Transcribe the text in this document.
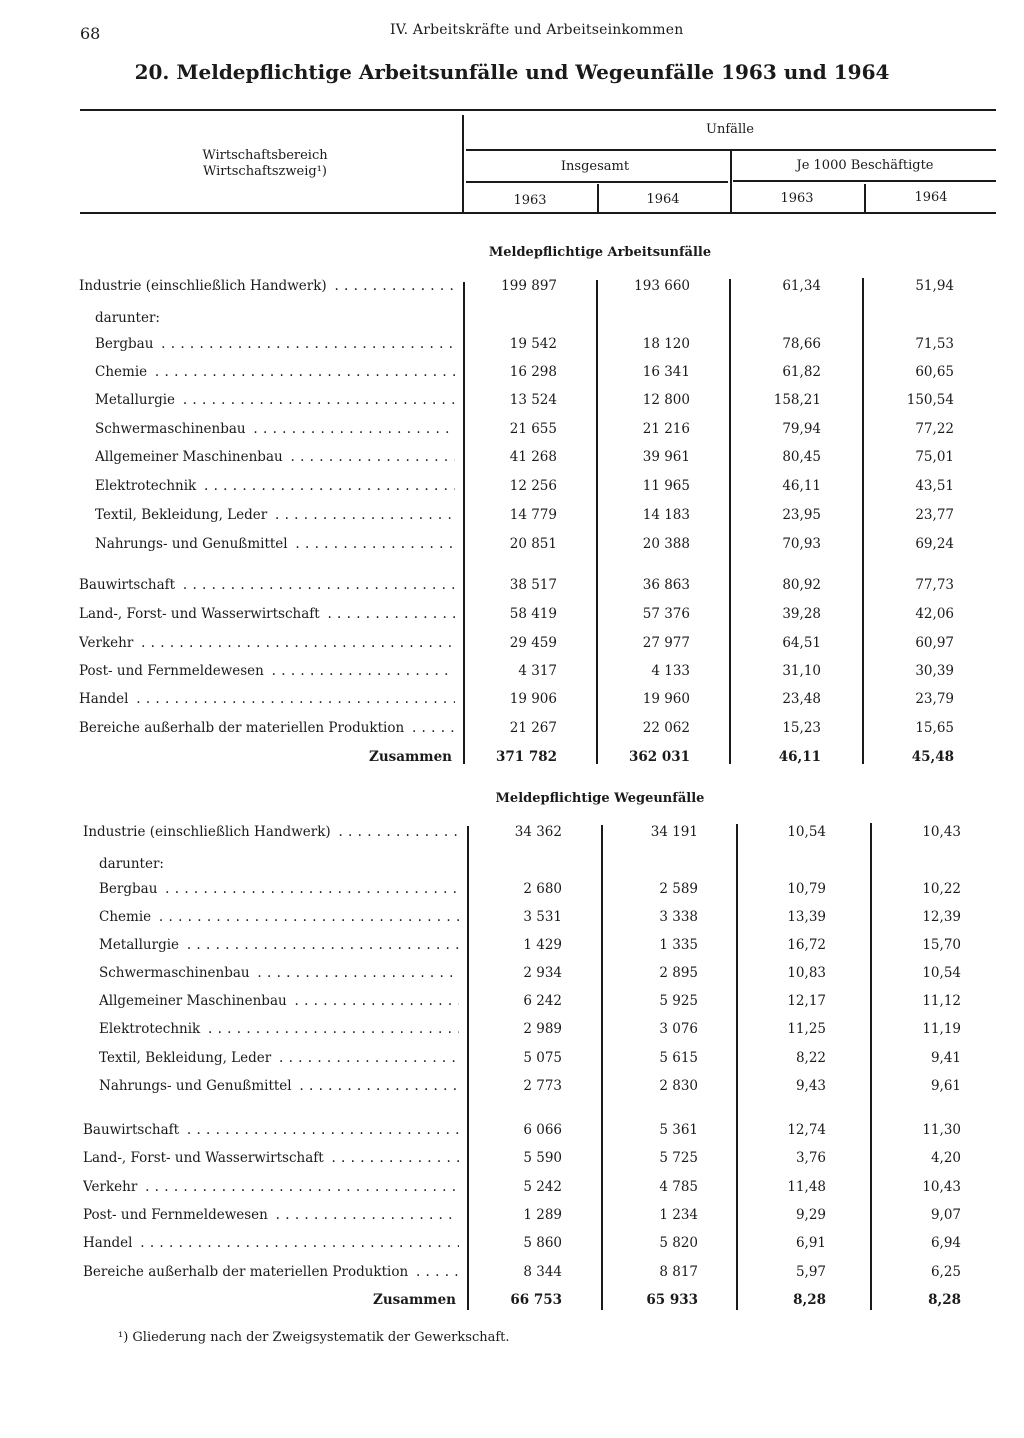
68	IV. Arbeitskräfte und Arbeitseinkommen
20. Meldepflichtige Arbeitsunfälle und Wegeunfälle 1963 und 1964
Wirtschaftsbereich
Wirtschaftszweig¹)
Unfälle
Insgesamt	Je 1000 Beschäftigte
1963	1964	1963	1964
Meldepflichtige Arbeitsunfälle
Meldepflichtige Wegeunfälle
Industrie (einschließlich Handwerk) . . .	199 897	193 660	61,34	51,94
darunter:
Bergbau . . .	19 542	18 120	78,66	71,53
Chemie . . .	16 298	16 341	61,82	60,65
Metallurgie . . .	13 524	12 800	158,21	150,54
Schwermaschinenbau . . .	21 655	21 216	79,94	77,22
Allgemeiner Maschinenbau . . .	41 268	39 961	80,45	75,01
Elektrotechnik . . .	12 256	11 965	46,11	43,51
Textil, Bekleidung, Leder . . .	14 779	14 183	23,95	23,77
Nahrungs- und Genußmittel . . .	20 851	20 388	70,93	69,24
Bauwirtschaft . . .	38 517	36 863	80,92	77,73
Land-, Forst- und Wasserwirtschaft . . .	58 419	57 376	39,28	42,06
Verkehr . . .	29 459	27 977	64,51	60,97
Post- und Fernmeldewesen . . .	4 317	4 133	31,10	30,39
Handel . . .	19 906	19 960	23,48	23,79
Bereiche außerhalb der materiellen Produktion . . .	21 267	22 062	15,23	15,65
Zusammen	371 782	362 031	46,11	45,48
Industrie (einschließlich Handwerk) . . .	34 362	34 191	10,54	10,43
darunter:
Bergbau . . .	2 680	2 589	10,79	10,22
Chemie . . .	3 531	3 338	13,39	12,39
Metallurgie . . .	1 429	1 335	16,72	15,70
Schwermaschinenbau . . .	2 934	2 895	10,83	10,54
Allgemeiner Maschinenbau . . .	6 242	5 925	12,17	11,12
Elektrotechnik . . .	2 989	3 076	11,25	11,19
Textil, Bekleidung, Leder . . .	5 075	5 615	8,22	9,41
Nahrungs- und Genußmittel . . .	2 773	2 830	9,43	9,61
Bauwirtschaft . . .	6 066	5 361	12,74	11,30
Land-, Forst- und Wasserwirtschaft . . .	5 590	5 725	3,76	4,20
Verkehr . . .	5 242	4 785	11,48	10,43
Post- und Fernmeldewesen . . .	1 289	1 234	9,29	9,07
Handel . . .	5 860	5 820	6,91	6,94
Bereiche außerhalb der materiellen Produktion . . .	8 344	8 817	5,97	6,25
Zusammen	66 753	65 933	8,28	8,28
¹) Gliederung nach der Zweigsystematik der Gewerkschaft.
